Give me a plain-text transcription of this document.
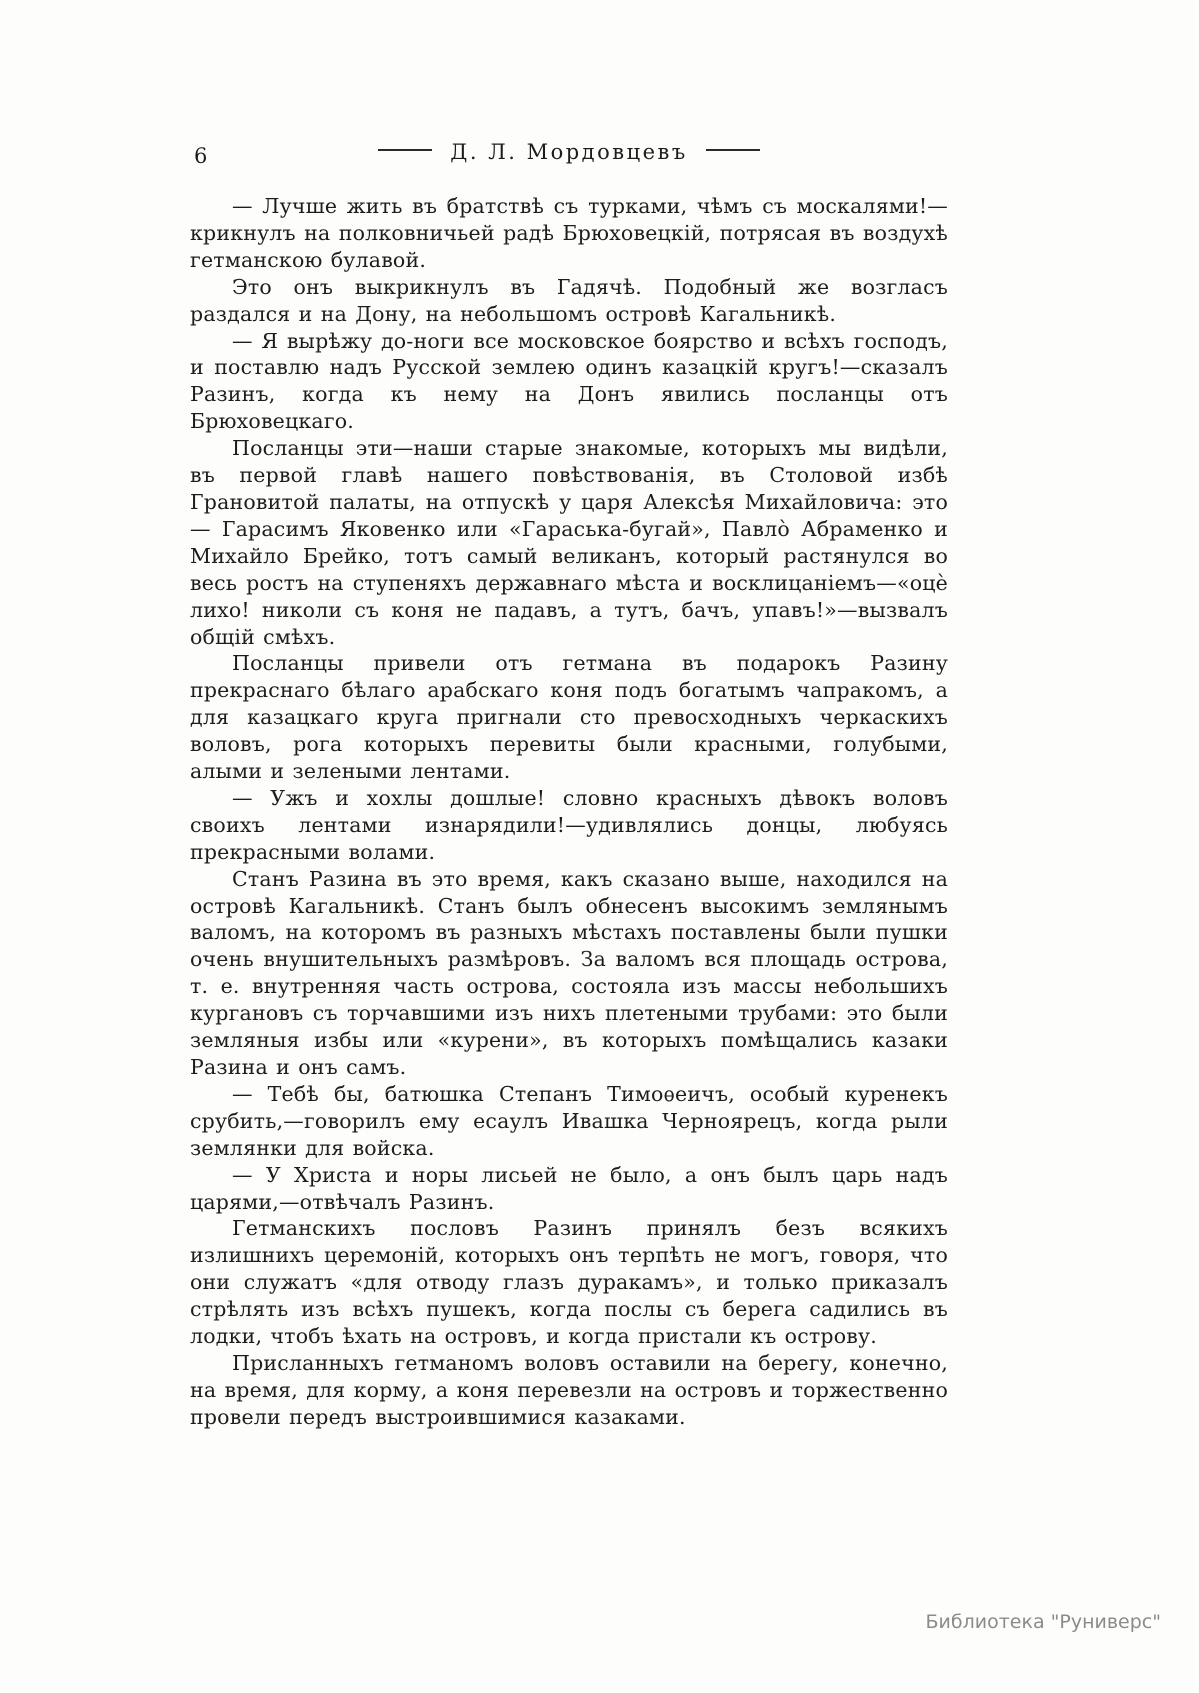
6	Д. Л. Мордовцевъ

— Лучше жить въ братствѣ съ турками, чѣмъ съ москалями!— крикнулъ на полковничьей радѣ Брюховецкій, потрясая въ воздухѣ гетманскою булавой.

Это онъ выкрикнулъ въ Гадячѣ. Подобный же возгласъ раздался и на Дону, на небольшомъ островѣ Кагальникѣ.

— Я вырѣжу до-ноги все московское боярство и всѣхъ господъ, и поставлю надъ Русской землею одинъ казацкій кругъ!—сказалъ Разинъ, когда къ нему на Донъ явились посланцы отъ Брюховецкаго.

Посланцы эти—наши старые знакомые, которыхъ мы видѣли, въ первой главѣ нашего повѣствованія, въ Столовой избѣ Грановитой палаты, на отпускѣ у царя Алексѣя Михайловича: это— Гарасимъ Яковенко или «Гараська-бугай», Павлò Абраменко и Михайло Брейко, тотъ самый великанъ, который растянулся во весь ростъ на ступеняхъ державнаго мѣста и восклицаніемъ—«оцè лихо! николи съ коня не падавъ, а тутъ, бачъ, упавъ!»—вызвалъ общій смѣхъ.

Посланцы привели отъ гетмана въ подарокъ Разину прекраснаго бѣлаго арабскаго коня подъ богатымъ чапракомъ, а для казацкаго круга пригнали сто превосходныхъ черкаскихъ воловъ, рога которыхъ перевиты были красными, голубыми, алыми и зелеными лентами.

— Ужъ и хохлы дошлые! словно красныхъ дѣвокъ воловъ своихъ лентами изнарядили!—удивлялись донцы, любуясь прекрасными волами.

Станъ Разина въ это время, какъ сказано выше, находился на островѣ Кагальникѣ. Станъ былъ обнесенъ высокимъ землянымъ валомъ, на которомъ въ разныхъ мѣстахъ поставлены были пушки очень внушительныхъ размѣровъ. За валомъ вся площадь острова, т. е. внутренняя часть острова, состояла изъ массы небольшихъ кургановъ съ торчавшими изъ нихъ плетеными трубами: это были земляныя избы или «курени», въ которыхъ помѣщались казаки Разина и онъ самъ.

— Тебѣ бы, батюшка Степанъ Тимоѳеичъ, особый куренекъ срубить,—говорилъ ему есаулъ Ивашка Черноярецъ, когда рыли землянки для войска.

— У Христа и норы лисьей не было, а онъ былъ царь надъ царями,—отвѣчалъ Разинъ.

Гетманскихъ пословъ Разинъ принялъ безъ всякихъ излишнихъ церемоній, которыхъ онъ терпѣть не могъ, говоря, что они служатъ «для отводу глазъ дуракамъ», и только приказалъ стрѣлять изъ всѣхъ пушекъ, когда послы съ берега садились въ лодки, чтобъ ѣхать на островъ, и когда пристали къ острову.

Присланныхъ гетманомъ воловъ оставили на берегу, конечно, на время, для корму, а коня перевезли на островъ и торжественно провели передъ выстроившимися казаками.

Библиотека "Руниверс"
